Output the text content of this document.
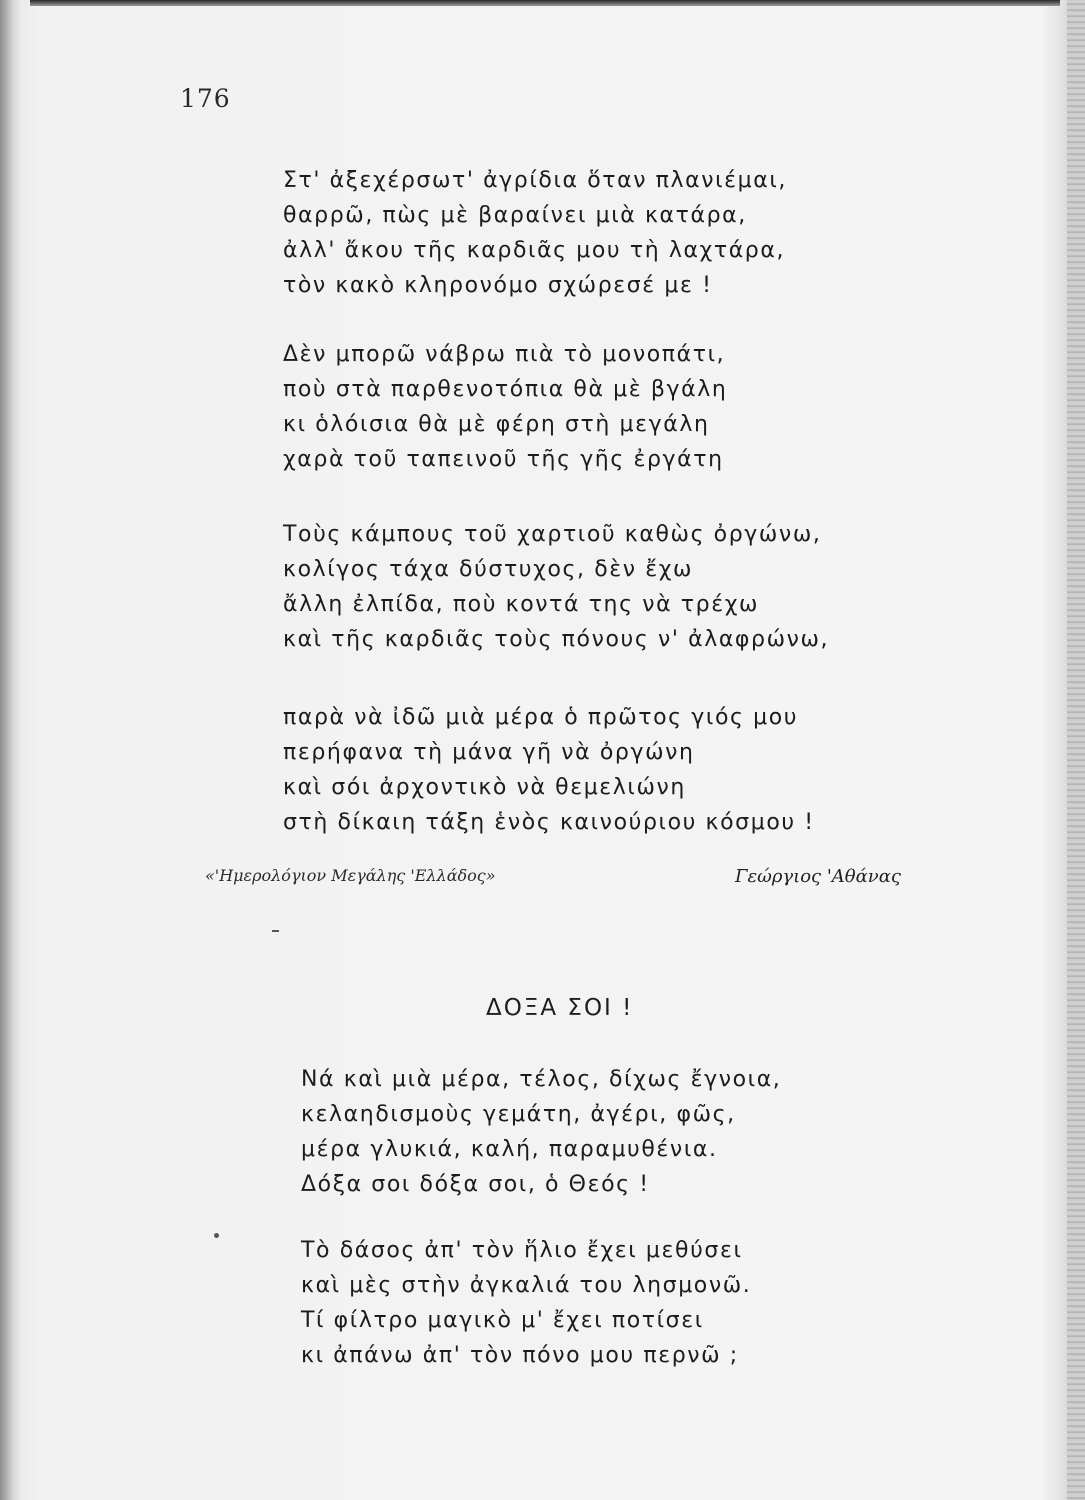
176
Στ' ἀξεχέρσωτ' ἀγρίδια ὅταν πλανιέμαι,
θαρρῶ, πὼς μὲ βαραίνει μιὰ κατάρα,
ἀλλ' ἄκου τῆς καρδιᾶς μου τὴ λαχτάρα,
τὸν κακὸ κληρονόμο σχώρεσέ με !
Δὲν μπορῶ νάβρω πιὰ τὸ μονοπάτι,
ποὺ στὰ παρθενοτόπια θὰ μὲ βγάλη
κι ὁλόισια θὰ μὲ φέρη στὴ μεγάλη
χαρὰ τοῦ ταπεινοῦ τῆς γῆς ἐργάτη
Τοὺς κάμπους τοῦ χαρτιοῦ καθὼς ὀργώνω,
κολίγος τάχα δύστυχος, δὲν ἔχω
ἄλλη ἐλπίδα, ποὺ κοντά της νὰ τρέχω
καὶ τῆς καρδιᾶς τοὺς πόνους ν' ἀλαφρώνω,
παρὰ νὰ ἰδῶ μιὰ μέρα ὁ πρῶτος γιός μου
περήφανα τὴ μάνα γῆ νὰ ὀργώνη
καὶ σόι ἀρχοντικὸ νὰ θεμελιώνη
στὴ δίκαιη τάξη ἑνὸς καινούριου κόσμου !
«'Ημερολόγιον Μεγάλης 'Ελλάδος»	Γεώργιος 'Αθάνας
ΔΟΞΑ ΣΟΙ !
Νά καὶ μιὰ μέρα, τέλος, δίχως ἔγνοια,
κελαηδισμοὺς γεμάτη, ἀγέρι, φῶς,
μέρα γλυκιά, καλή, παραμυθένια.
Δόξα σοι δόξα σοι, ὁ Θεός !
Τὸ δάσος ἀπ' τὸν ἥλιο ἔχει μεθύσει
καὶ μὲς στὴν ἀγκαλιά του λησμονῶ.
Τί φίλτρο μαγικὸ μ' ἔχει ποτίσει
κι ἀπάνω ἀπ' τὸν πόνο μου περνῶ ;
